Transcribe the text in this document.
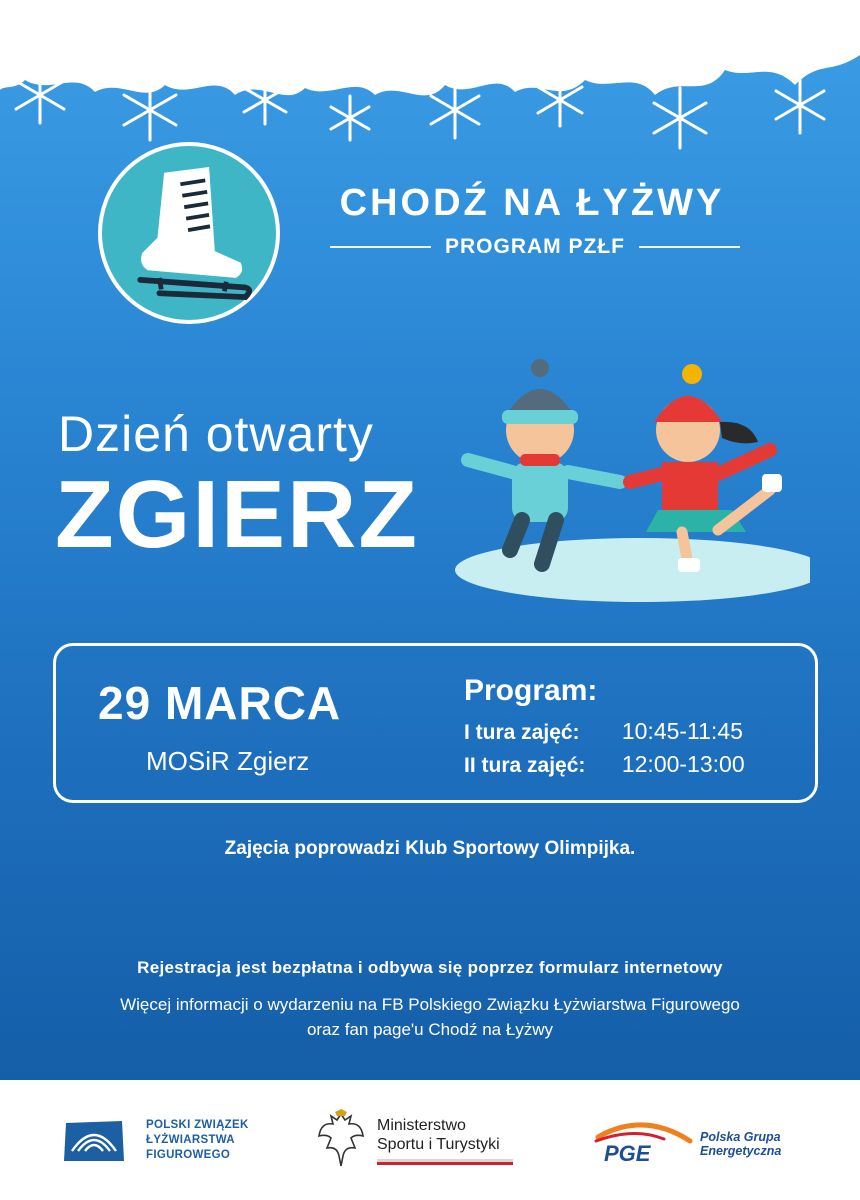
CHODŹ NA ŁYŻWY
PROGRAM PZŁF
Dzień otwarty
ZGIERZ
29 MARCA
MOSiR Zgierz
Program:
I tura zajęć: 10:45-11:45
II tura zajęć: 12:00-13:00
Zajęcia poprowadzi Klub Sportowy Olimpijka.
Rejestracja jest bezpłatna i odbywa się poprzez formularz internetowy
Więcej informacji o wydarzeniu na FB Polskiego Związku Łyżwiarstwa Figurowego
oraz fan page'u Chodź na Łyżwy
POLSKI ZWIĄZEK
ŁYŻWIARSTWA
FIGUROWEGO
Ministerstwo
Sportu i Turystyki	PGE
Polska Grupa
Energetyczna
